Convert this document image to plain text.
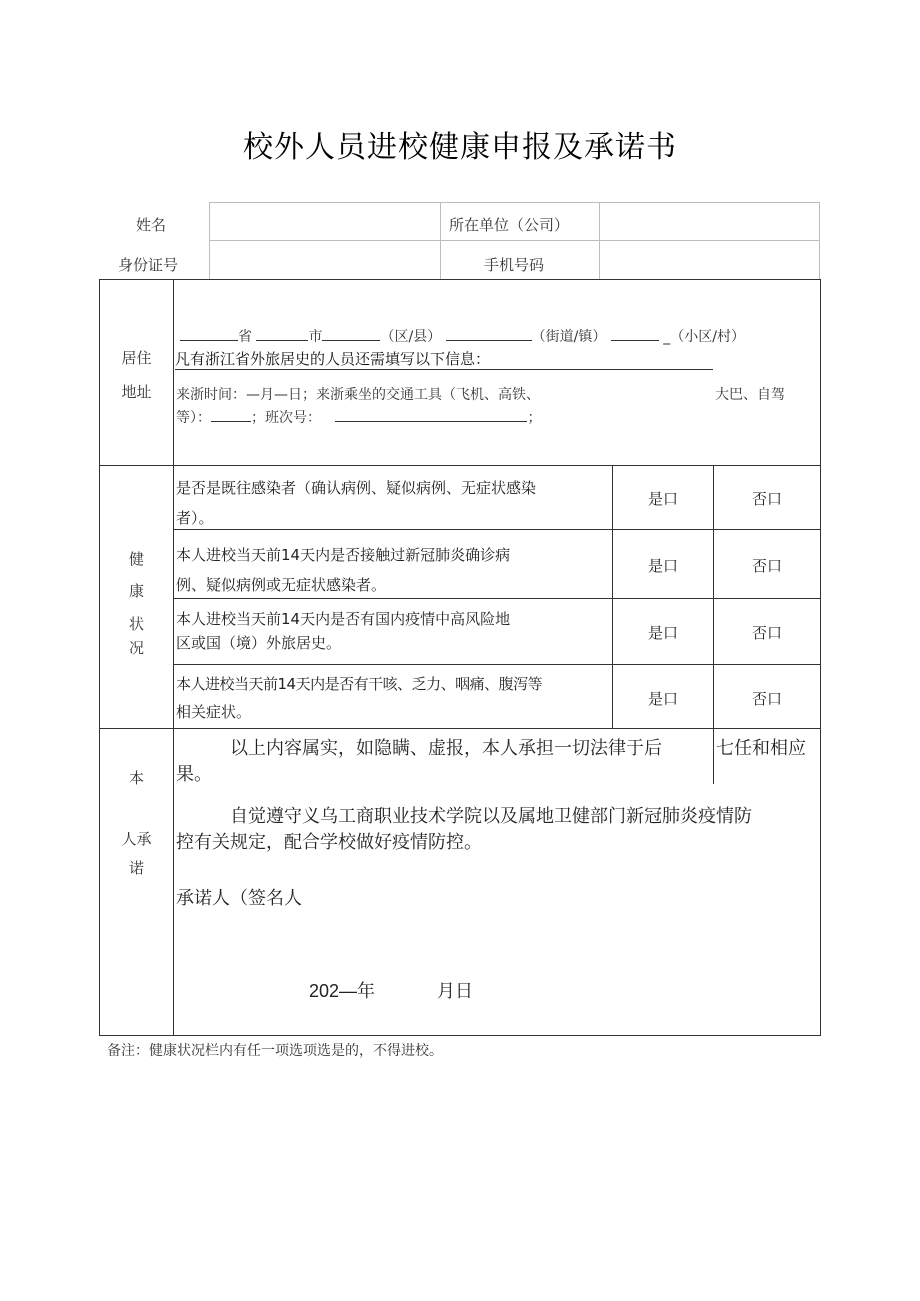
校外人员进校健康申报及承诺书
姓名	所在单位（公司）
身份证号	手机号码
居住
地址
省	市	（区/县）	（街道/镇）	_（小区/村）
凡有浙江省外旅居史的人员还需填写以下信息：
来浙时间：—月—日；来浙乘坐的交通工具（飞机、高铁、	大巴、自驾
等）：	；班次号：	；
健
康
状
况
是否是既往感染者（确认病例、疑似病例、无症状感染
者）。
是口	否口
本人进校当天前14天内是否接触过新冠肺炎确诊病
例、疑似病例或无症状感染者。
是口	否口
本人进校当天前14天内是否有国内疫情中高风险地
区或国（境）外旅居史。
是口	否口
本人进校当天前14天内是否有干咳、乏力、咽痛、腹泻等
相关症状。
是口	否口
本
人承
诺
以上内容属实，如隐瞒、虚报，本人承担一切法律于后	七任和相应
果。
自觉遵守义乌工商职业技术学院以及属地卫健部门新冠肺炎疫情防
控有关规定，配合学校做好疫情防控。
承诺人（签名人
202—年	月日
备注：健康状况栏内有任一项选项选是的，不得进校。
